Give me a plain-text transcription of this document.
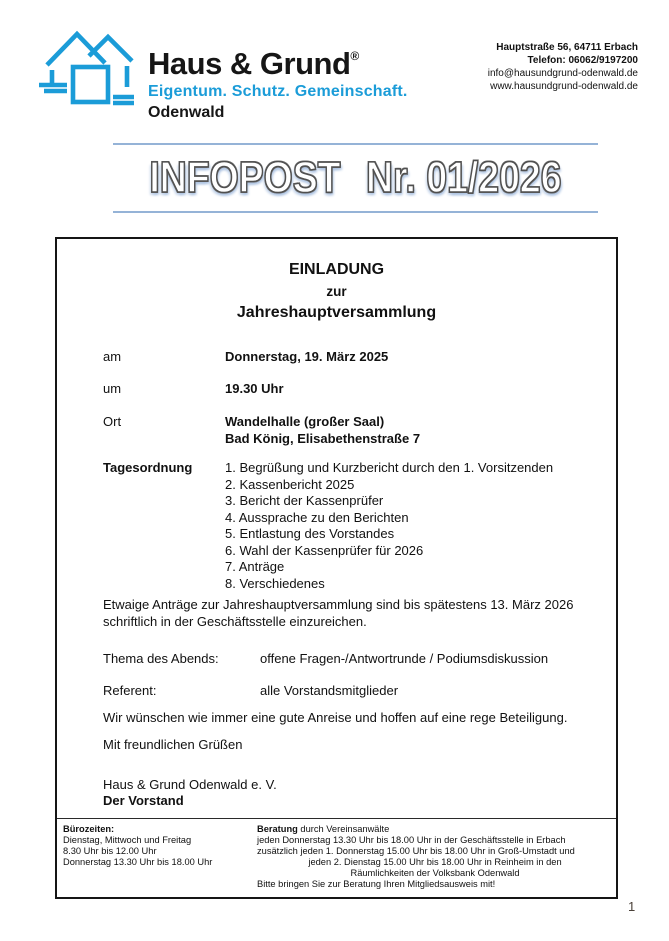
Haus & Grund®
Eigentum. Schutz. Gemeinschaft.
Odenwald
Hauptstraße 56, 64711 Erbach
Telefon: 06062/9197200
info@hausundgrund-odenwald.de
www.hausundgrund-odenwald.de
INFOPOST Nr. 01/2026
EINLADUNG
zur
Jahreshauptversammlung
am	Donnerstag, 19. März 2025
um	19.30 Uhr
Ort	Wandelhalle (großer Saal)
Bad König, Elisabethenstraße 7
Tagesordnung	1. Begrüßung und Kurzbericht durch den 1. Vorsitzenden
2. Kassenbericht 2025
3. Bericht der Kassenprüfer
4. Aussprache zu den Berichten
5. Entlastung des Vorstandes
6. Wahl der Kassenprüfer für 2026
7. Anträge
8. Verschiedenes
Etwaige Anträge zur Jahreshauptversammlung sind bis spätestens 13. März 2026 schriftlich in der Geschäftsstelle einzureichen.
Thema des Abends:	offene Fragen-/Antwortrunde / Podiumsdiskussion
Referent:	alle Vorstandsmitglieder
Wir wünschen wie immer eine gute Anreise und hoffen auf eine rege Beteiligung.
Mit freundlichen Grüßen
Haus & Grund Odenwald e. V.
Der Vorstand
Bürozeiten:
Dienstag, Mittwoch und Freitag
8.30 Uhr bis 12.00 Uhr
Donnerstag 13.30 Uhr bis 18.00 Uhr
Beratung durch Vereinsanwälte
jeden Donnerstag 13.30 Uhr bis 18.00 Uhr in der Geschäftsstelle in Erbach
zusätzlich jeden 1. Donnerstag 15.00 Uhr bis 18.00 Uhr in Groß-Umstadt und
jeden 2. Dienstag 15.00 Uhr bis 18.00 Uhr in Reinheim in den
Räumlichkeiten der Volksbank Odenwald
Bitte bringen Sie zur Beratung Ihren Mitgliedsausweis mit!
1
